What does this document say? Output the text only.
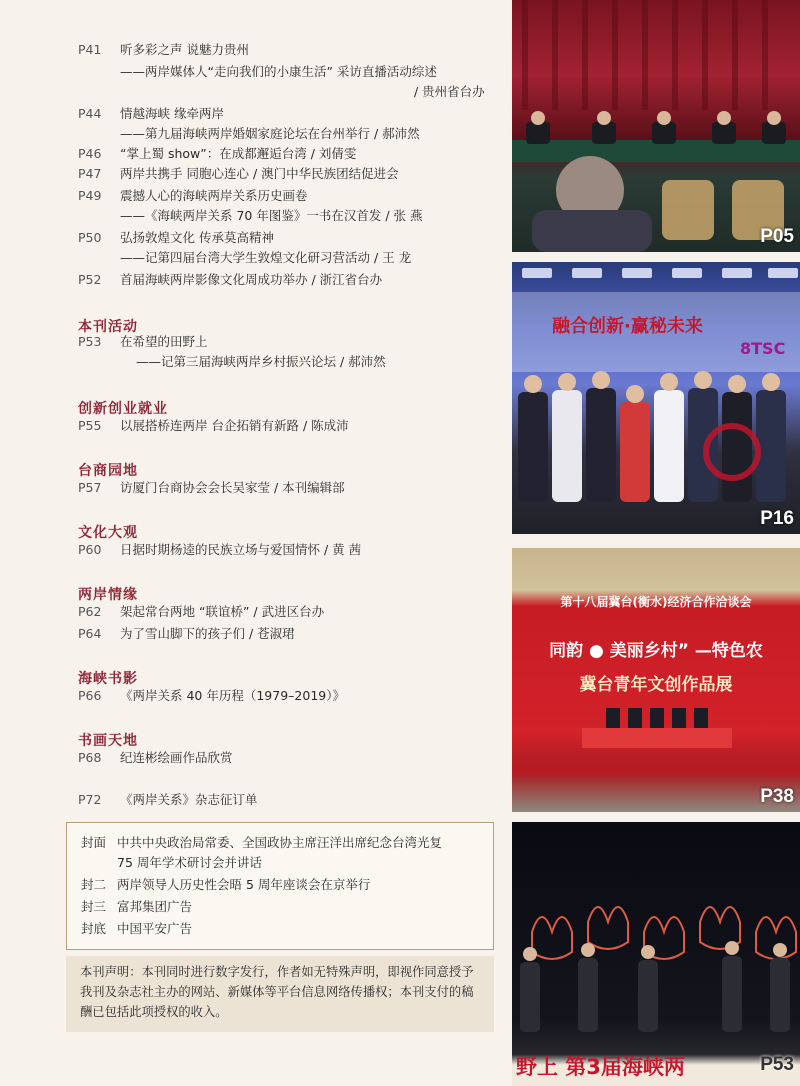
P41 听多彩之声 说魅力贵州
——两岸媒体人“走向我们的小康生活” 采访直播活动综述
/ 贵州省台办
P44 情越海峡 缘牵两岸
——第九届海峡两岸婚姻家庭论坛在台州举行 / 郝沛然
P46 “掌上蜀 show”：在成都邂逅台湾 / 刘倩雯
P47 两岸共携手 同胞心连心 / 澳门中华民族团结促进会
P49 震撼人心的海峡两岸关系历史画卷
——《海峡两岸关系 70 年图鉴》一书在汉首发 / 张 燕
P50 弘扬敦煌文化 传承莫高精神
——记第四届台湾大学生敦煌文化研习营活动 / 王 龙
P52 首届海峡两岸影像文化周成功举办 / 浙江省台办
本刊活动
P53 在希望的田野上
——记第三届海峡两岸乡村振兴论坛 / 郝沛然
创新创业就业
P55 以展搭桥连两岸 台企拓销有新路 / 陈成沛
台商园地
P57 访厦门台商协会会长吴家莹 / 本刊编辑部
文化大观
P60 日据时期杨逵的民族立场与爱国情怀 / 黄 茜
两岸情缘
P62 架起常台两地 “联谊桥” / 武进区台办
P64 为了雪山脚下的孩子们 / 苍淑珺
海峡书影
P66 《两岸关系 40 年历程（1979–2019）》
书画天地
P68 纪连彬绘画作品欣赏
P72 《两岸关系》杂志征订单
封面 中共中央政治局常委、全国政协主席汪洋出席纪念台湾光复
75 周年学术研讨会并讲话
封二 两岸领导人历史性会晤 5 周年座谈会在京举行
封三 富邦集团广告
封底 中国平安广告
本刊声明：本刊同时进行数字发行，作者如无特殊声明，即视作同意授予我刊及杂志社主办的网站、新媒体等平台信息网络传播权；本刊支付的稿酬已包括此项授权的收入。
P05
融合创新·赢秘未来
8TSC
P16
第十八届冀台(衡水)经济合作洽谈会
同韵 ● 美丽乡村” —特色农
冀台青年文创作品展
P38
野上 第3届海峡两	P53
